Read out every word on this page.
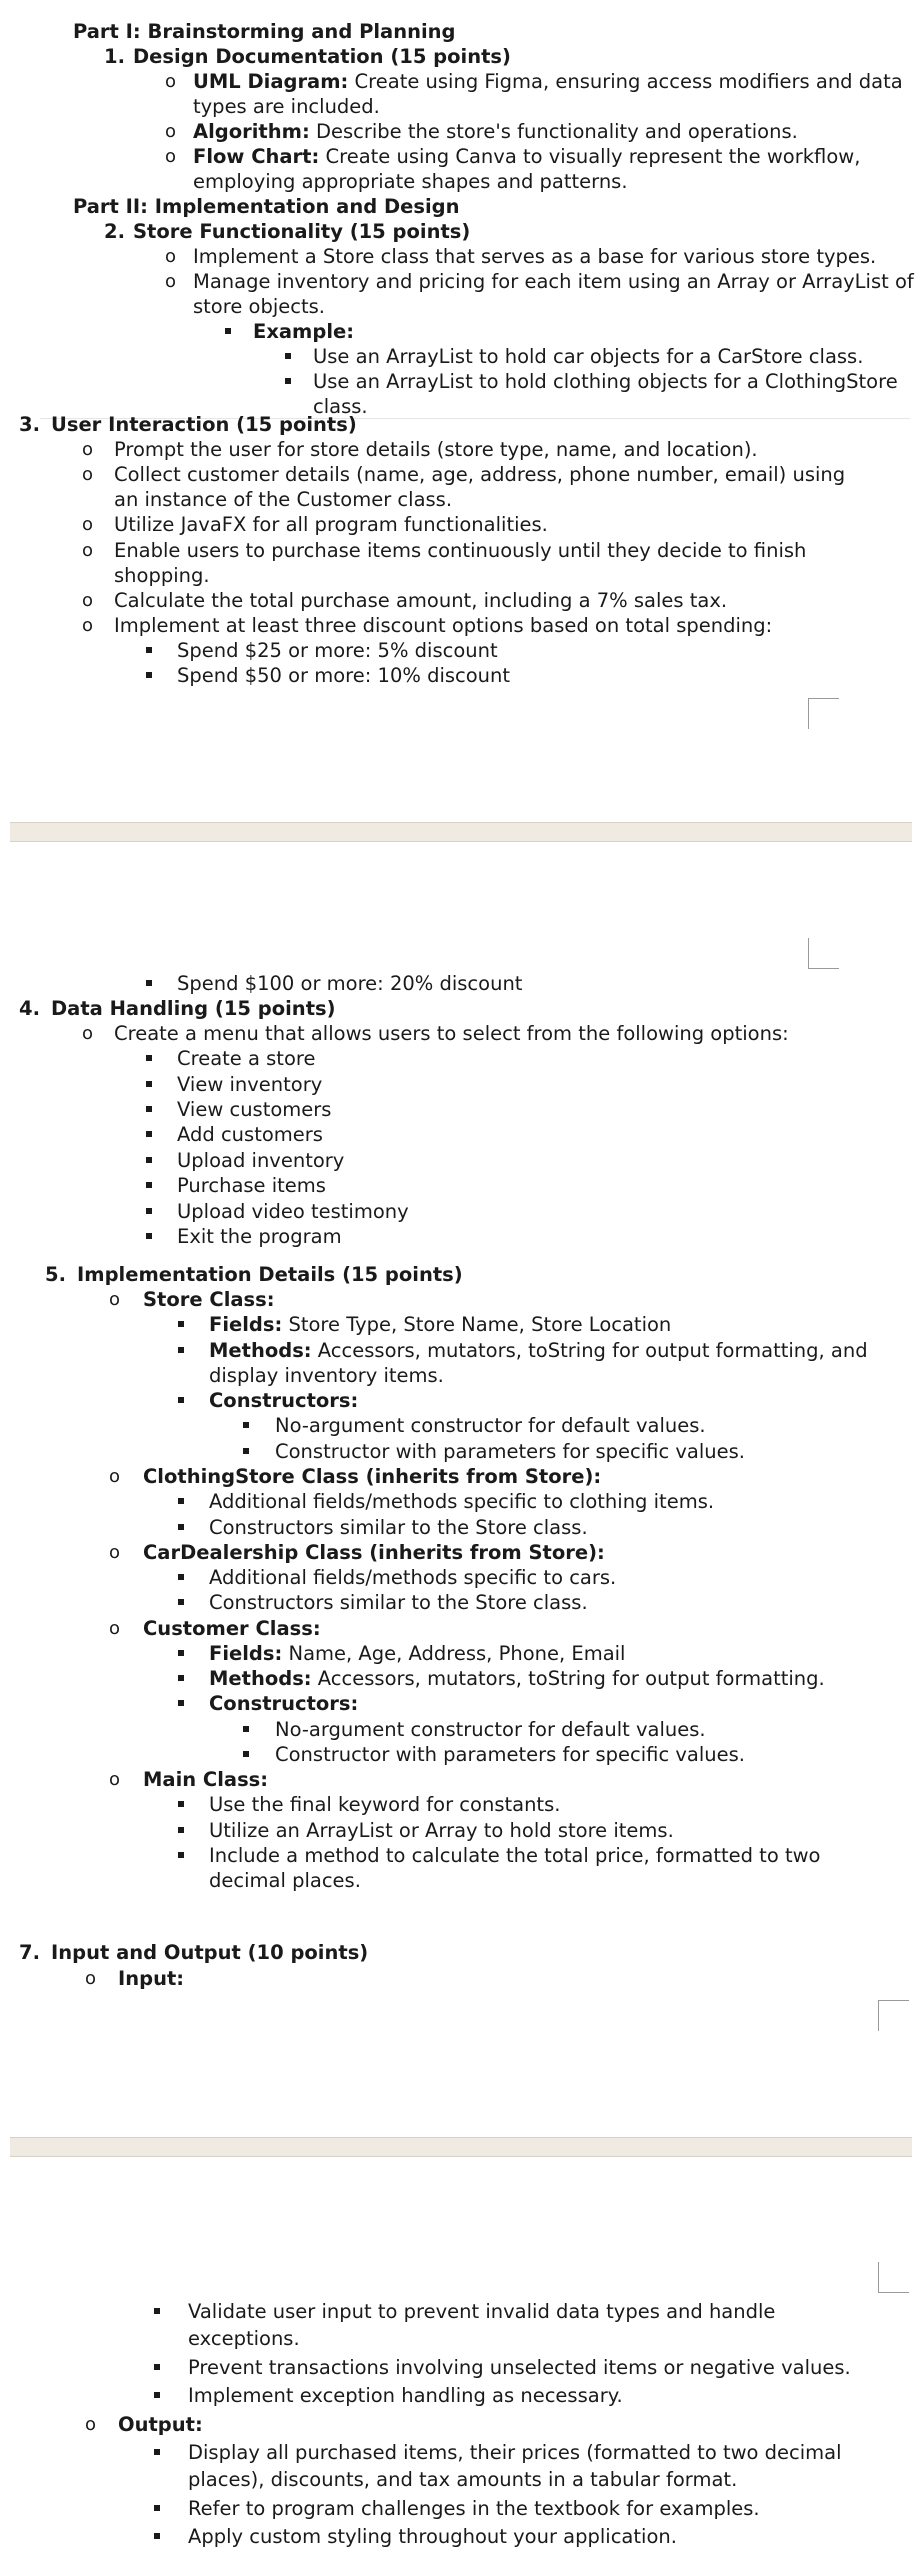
Part I: Brainstorming and Planning
1. Design Documentation (15 points)
o UML Diagram: Create using Figma, ensuring access modifiers and data
types are included.
o Algorithm: Describe the store's functionality and operations.
o Flow Chart: Create using Canva to visually represent the workflow,
employing appropriate shapes and patterns.
Part II: Implementation and Design
2. Store Functionality (15 points)
o Implement a Store class that serves as a base for various store types.
o Manage inventory and pricing for each item using an Array or ArrayList of
store objects.
Example:
Use an ArrayList to hold car objects for a CarStore class.
Use an ArrayList to hold clothing objects for a ClothingStore
class.
3. User Interaction (15 points)
o Prompt the user for store details (store type, name, and location).
o Collect customer details (name, age, address, phone number, email) using
an instance of the Customer class.
o Utilize JavaFX for all program functionalities.
o Enable users to purchase items continuously until they decide to finish
shopping.
o Calculate the total purchase amount, including a 7% sales tax.
o Implement at least three discount options based on total spending:
Spend $25 or more: 5% discount
Spend $50 or more: 10% discount
Spend $100 or more: 20% discount
4. Data Handling (15 points)
o Create a menu that allows users to select from the following options:
Create a store
View inventory
View customers
Add customers
Upload inventory
Purchase items
Upload video testimony
Exit the program
5. Implementation Details (15 points)
o Store Class:
Fields: Store Type, Store Name, Store Location
Methods: Accessors, mutators, toString for output formatting, and
display inventory items.
Constructors:
No-argument constructor for default values.
Constructor with parameters for specific values.
o ClothingStore Class (inherits from Store):
Additional fields/methods specific to clothing items.
Constructors similar to the Store class.
o CarDealership Class (inherits from Store):
Additional fields/methods specific to cars.
Constructors similar to the Store class.
o Customer Class:
Fields: Name, Age, Address, Phone, Email
Methods: Accessors, mutators, toString for output formatting.
Constructors:
No-argument constructor for default values.
Constructor with parameters for specific values.
o Main Class:
Use the final keyword for constants.
Utilize an ArrayList or Array to hold store items.
Include a method to calculate the total price, formatted to two
decimal places.
7. Input and Output (10 points)
o Input:
Validate user input to prevent invalid data types and handle
exceptions.
Prevent transactions involving unselected items or negative values.
Implement exception handling as necessary.
o Output:
Display all purchased items, their prices (formatted to two decimal
places), discounts, and tax amounts in a tabular format.
Refer to program challenges in the textbook for examples.
Apply custom styling throughout your application.
